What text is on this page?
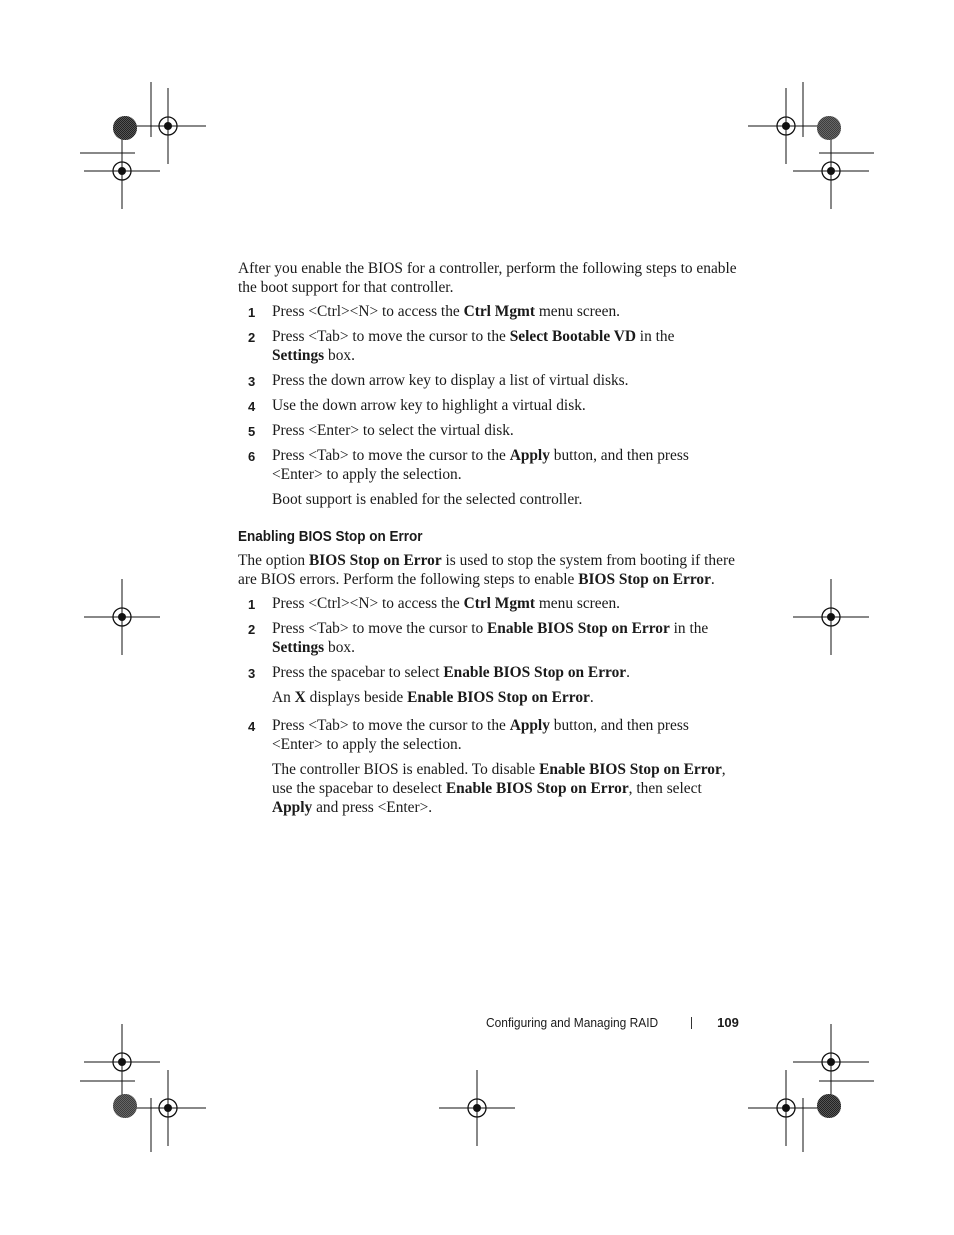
After you enable the BIOS for a controller, perform the following steps to enable the boot support for that controller.

1 Press <Ctrl><N> to access the Ctrl Mgmt menu screen.
2 Press <Tab> to move the cursor to the Select Bootable VD in the
Settings box.
3 Press the down arrow key to display a list of virtual disks.
4 Use the down arrow key to highlight a virtual disk.
5 Press <Enter> to select the virtual disk.
6 Press <Tab> to move the cursor to the Apply button, and then press <Enter> to apply the selection.
Boot support is enabled for the selected controller.
Enabling BIOS Stop on Error

The option BIOS Stop on Error is used to stop the system from booting if there are BIOS errors. Perform the following steps to enable BIOS Stop on Error.

1 Press <Ctrl><N> to access the Ctrl Mgmt menu screen.
2 Press <Tab> to move the cursor to Enable BIOS Stop on Error in the
Settings box.
3 Press the spacebar to select Enable BIOS Stop on Error.
An X displays beside Enable BIOS Stop on Error.
4 Press <Tab> to move the cursor to the Apply button, and then press <Enter> to apply the selection.
The controller BIOS is enabled. To disable Enable BIOS Stop on Error, use the spacebar to deselect Enable BIOS Stop on Error, then select Apply and press <Enter>.
Configuring and Managing RAID	109
